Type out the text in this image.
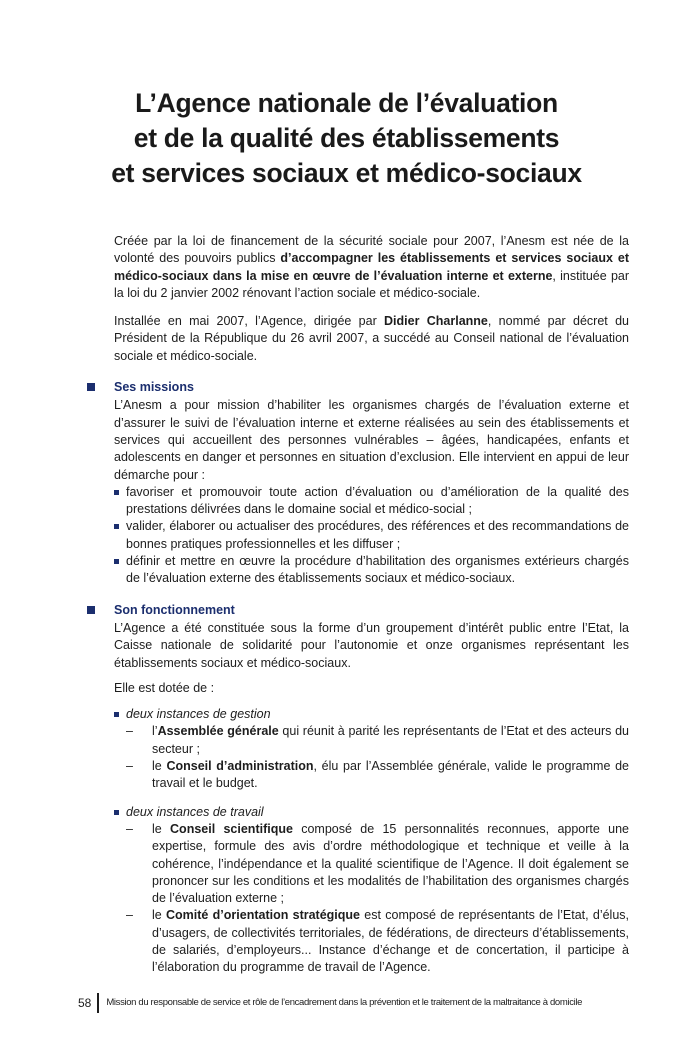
L’Agence nationale de l’évaluation
et de la qualité des établissements
et services sociaux et médico-sociaux

Créée par la loi de financement de la sécurité sociale pour 2007, l’Anesm est née de la volonté des pouvoirs publics d’accompagner les établissements et services sociaux et médico-sociaux dans la mise en œuvre de l’évaluation interne et externe, instituée par la loi du 2 janvier 2002 rénovant l’action sociale et médico-sociale.

Installée en mai 2007, l’Agence, dirigée par Didier Charlanne, nommé par décret du Président de la République du 26 avril 2007, a succédé au Conseil national de l’évaluation sociale et médico-sociale.

Ses missions

L’Anesm a pour mission d’habiliter les organismes chargés de l’évaluation externe et d’assurer le suivi de l’évaluation interne et externe réalisées au sein des établissements et services qui accueillent des personnes vulnérables – âgées, handicapées, enfants et adolescents en danger et personnes en situation d’exclusion. Elle intervient en appui de leur démarche pour :

favoriser et promouvoir toute action d’évaluation ou d’amélioration de la qualité des prestations délivrées dans le domaine social et médico-social ;
valider, élaborer ou actualiser des procédures, des références et des recommandations de bonnes pratiques professionnelles et les diffuser ;
définir et mettre en œuvre la procédure d’habilitation des organismes extérieurs chargés de l’évaluation externe des établissements sociaux et médico-sociaux.
Son fonctionnement

L’Agence a été constituée sous la forme d’un groupement d’intérêt public entre l’Etat, la Caisse nationale de solidarité pour l’autonomie et onze organismes représentant les établissements sociaux et médico-sociaux.

Elle est dotée de :

deux instances de gestion
– l’Assemblée générale qui réunit à parité les représentants de l’Etat et des acteurs du secteur ;
– le Conseil d’administration, élu par l’Assemblée générale, valide le programme de travail et le budget.
deux instances de travail
– le Conseil scientifique composé de 15 personnalités reconnues, apporte une expertise, formule des avis d’ordre méthodologique et technique et veille à la cohérence, l’indépendance et la qualité scientifique de l’Agence. Il doit également se prononcer sur les conditions et les modalités de l’habilitation des organismes chargés de l’évaluation externe ;
– le Comité d’orientation stratégique est composé de représentants de l’Etat, d’élus, d’usagers, de collectivités territoriales, de fédérations, de directeurs d’établissements, de salariés, d’employeurs... Instance d’échange et de concertation, il participe à l’élaboration du programme de travail de l’Agence.
58 Mission du responsable de service et rôle de l’encadrement dans la prévention et le traitement de la maltraitance à domicile
